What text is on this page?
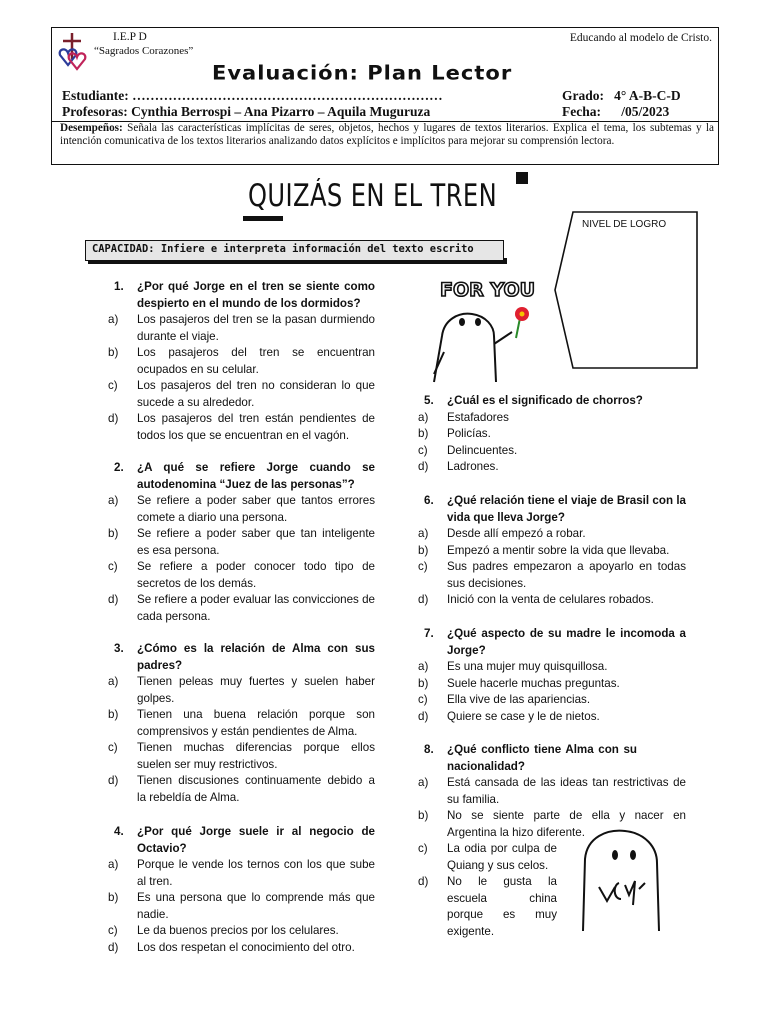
I.E.P D
“Sagrados Corazones”
Educando al modelo de Cristo.
Evaluación: Plan Lector
Estudiante: ……………………………………………………………	Grado:   4° A-B-C-D
Profesoras: Cynthia Berrospi – Ana Pizarro – Aquila Muguruza	Fecha:      /05/2023
Desempeños: Señala las características implícitas de seres, objetos, hechos y lugares de textos literarios. Explica el tema, los subtemas y la intención comunicativa de los textos literarios analizando datos explícitos e implícitos para mejorar su comprensión lectora.
QUIZÁS EN EL TREN
CAPACIDAD: Infiere e interpreta información del texto escrito
NIVEL DE LOGRO
FOR YOU
1.	¿Por qué Jorge en el tren se siente como despierto en el mundo de los dormidos?
a)	Los pasajeros del tren se la pasan durmiendo durante el viaje.
b)	Los pasajeros del tren se encuentran ocupados en su celular.
c)	Los pasajeros del tren no consideran lo que sucede a su alrededor.
d)	Los pasajeros del tren están pendientes de todos los que se encuentran en el vagón.
2.	¿A qué se refiere Jorge cuando se autodenomina “Juez de las personas”?
a)	Se refiere a poder saber que tantos errores comete a diario una persona.
b)	Se refiere a poder saber que tan inteligente es esa persona.
c)	Se refiere a poder conocer todo tipo de secretos de los demás.
d)	Se refiere a poder evaluar las convicciones de cada persona.
3.	¿Cómo es la relación de Alma con sus padres?
a)	Tienen peleas muy fuertes y suelen haber golpes.
b)	Tienen una buena relación porque son comprensivos y están pendientes de Alma.
c)	Tienen muchas diferencias porque ellos suelen ser muy restrictivos.
d)	Tienen discusiones continuamente debido a la rebeldía de Alma.
4.	¿Por qué Jorge suele ir al negocio de Octavio?
a)	Porque le vende los ternos con los que sube al tren.
b)	Es una persona que lo comprende más que nadie.
c)	Le da buenos precios por los celulares.
d)	Los dos respetan el conocimiento del otro.
5.	¿Cuál es el significado de chorros?
a)	Estafadores
b)	Policías.
c)	Delincuentes.
d)	Ladrones.
6.	¿Qué relación tiene el viaje de Brasil con la vida que lleva Jorge?
a)	Desde allí empezó a robar.
b)	Empezó a mentir sobre la vida que llevaba.
c)	Sus padres empezaron a apoyarlo en todas sus decisiones.
d)	Inició con la venta de celulares robados.
7.	¿Qué aspecto de su madre le incomoda a Jorge?
a)	Es una mujer muy quisquillosa.
b)	Suele hacerle muchas preguntas.
c)	Ella vive de las apariencias.
d)	Quiere se case y le de nietos.
8.	¿Qué conflicto tiene Alma con su nacionalidad?
a)	Está cansada de las ideas tan restrictivas de su familia.
b)	No se siente parte de ella y nacer en Argentina la hizo diferente.
c)	La odia por culpa de Quiang y sus celos.
d)	No le gusta la escuela china porque es muy exigente.
